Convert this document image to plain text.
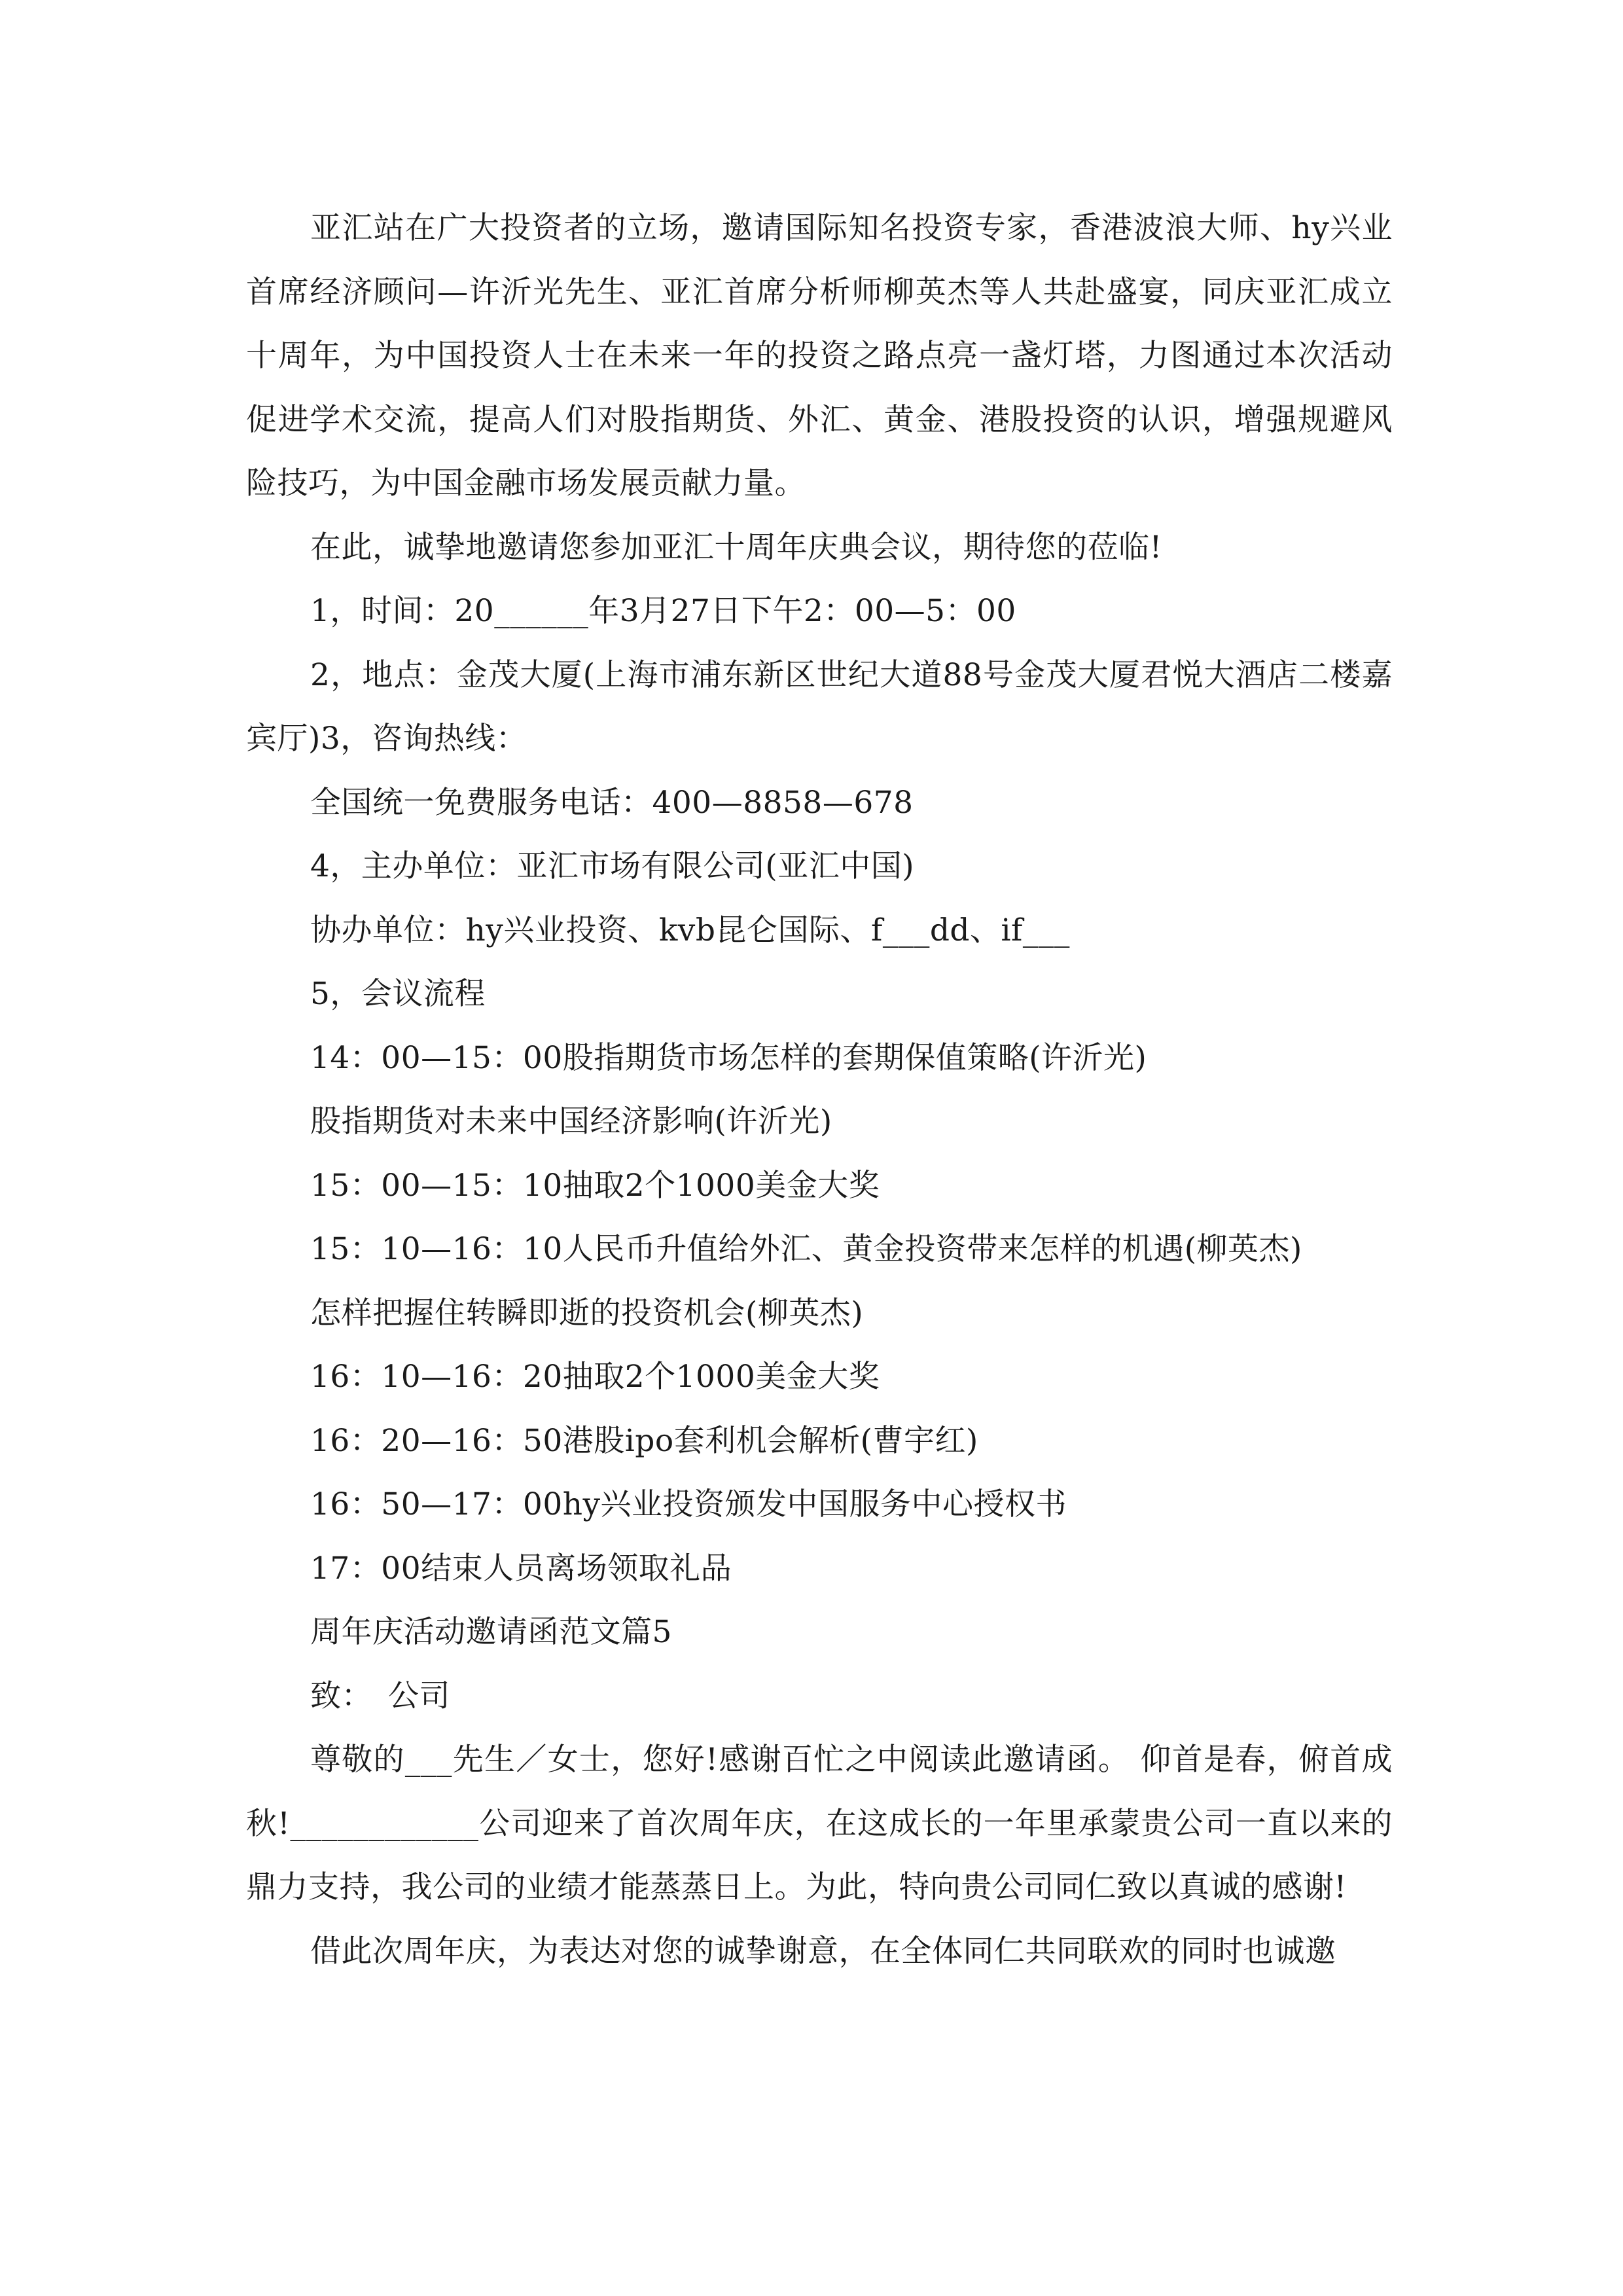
亚汇站在广大投资者的立场，邀请国际知名投资专家，香港波浪大师、hy兴业首席经济顾问—许沂光先生、亚汇首席分析师柳英杰等人共赴盛宴，同庆亚汇成立十周年，为中国投资人士在未来一年的投资之路点亮一盏灯塔，力图通过本次活动促进学术交流，提高人们对股指期货、外汇、黄金、港股投资的认识，增强规避风险技巧，为中国金融市场发展贡献力量。

在此，诚挚地邀请您参加亚汇十周年庆典会议，期待您的莅临!

1，时间：20______年3月27日下午2：00—5：00

2，地点：金茂大厦(上海市浦东新区世纪大道88号金茂大厦君悦大酒店二楼嘉宾厅)3，咨询热线：

全国统一免费服务电话：400—8858—678

4，主办单位：亚汇市场有限公司(亚汇中国)

协办单位：hy兴业投资、kvb昆仑国际、f___dd、if___

5，会议流程

14：00—15：00股指期货市场怎样的套期保值策略(许沂光)

股指期货对未来中国经济影响(许沂光)

15：00—15：10抽取2个1000美金大奖

15：10—16：10人民币升值给外汇、黄金投资带来怎样的机遇(柳英杰)

怎样把握住转瞬即逝的投资机会(柳英杰)

16：10—16：20抽取2个1000美金大奖

16：20—16：50港股ipo套利机会解析(曹宇红)

16：50—17：00hy兴业投资颁发中国服务中心授权书

17：00结束人员离场领取礼品

周年庆活动邀请函范文篇5

致：　公司

尊敬的___先生／女士，您好!感谢百忙之中阅读此邀请函。 仰首是春，俯首成秋!____________公司迎来了首次周年庆，在这成长的一年里承蒙贵公司一直以来的鼎力支持，我公司的业绩才能蒸蒸日上。为此，特向贵公司同仁致以真诚的感谢!

借此次周年庆，为表达对您的诚挚谢意，在全体同仁共同联欢的同时也诚邀
